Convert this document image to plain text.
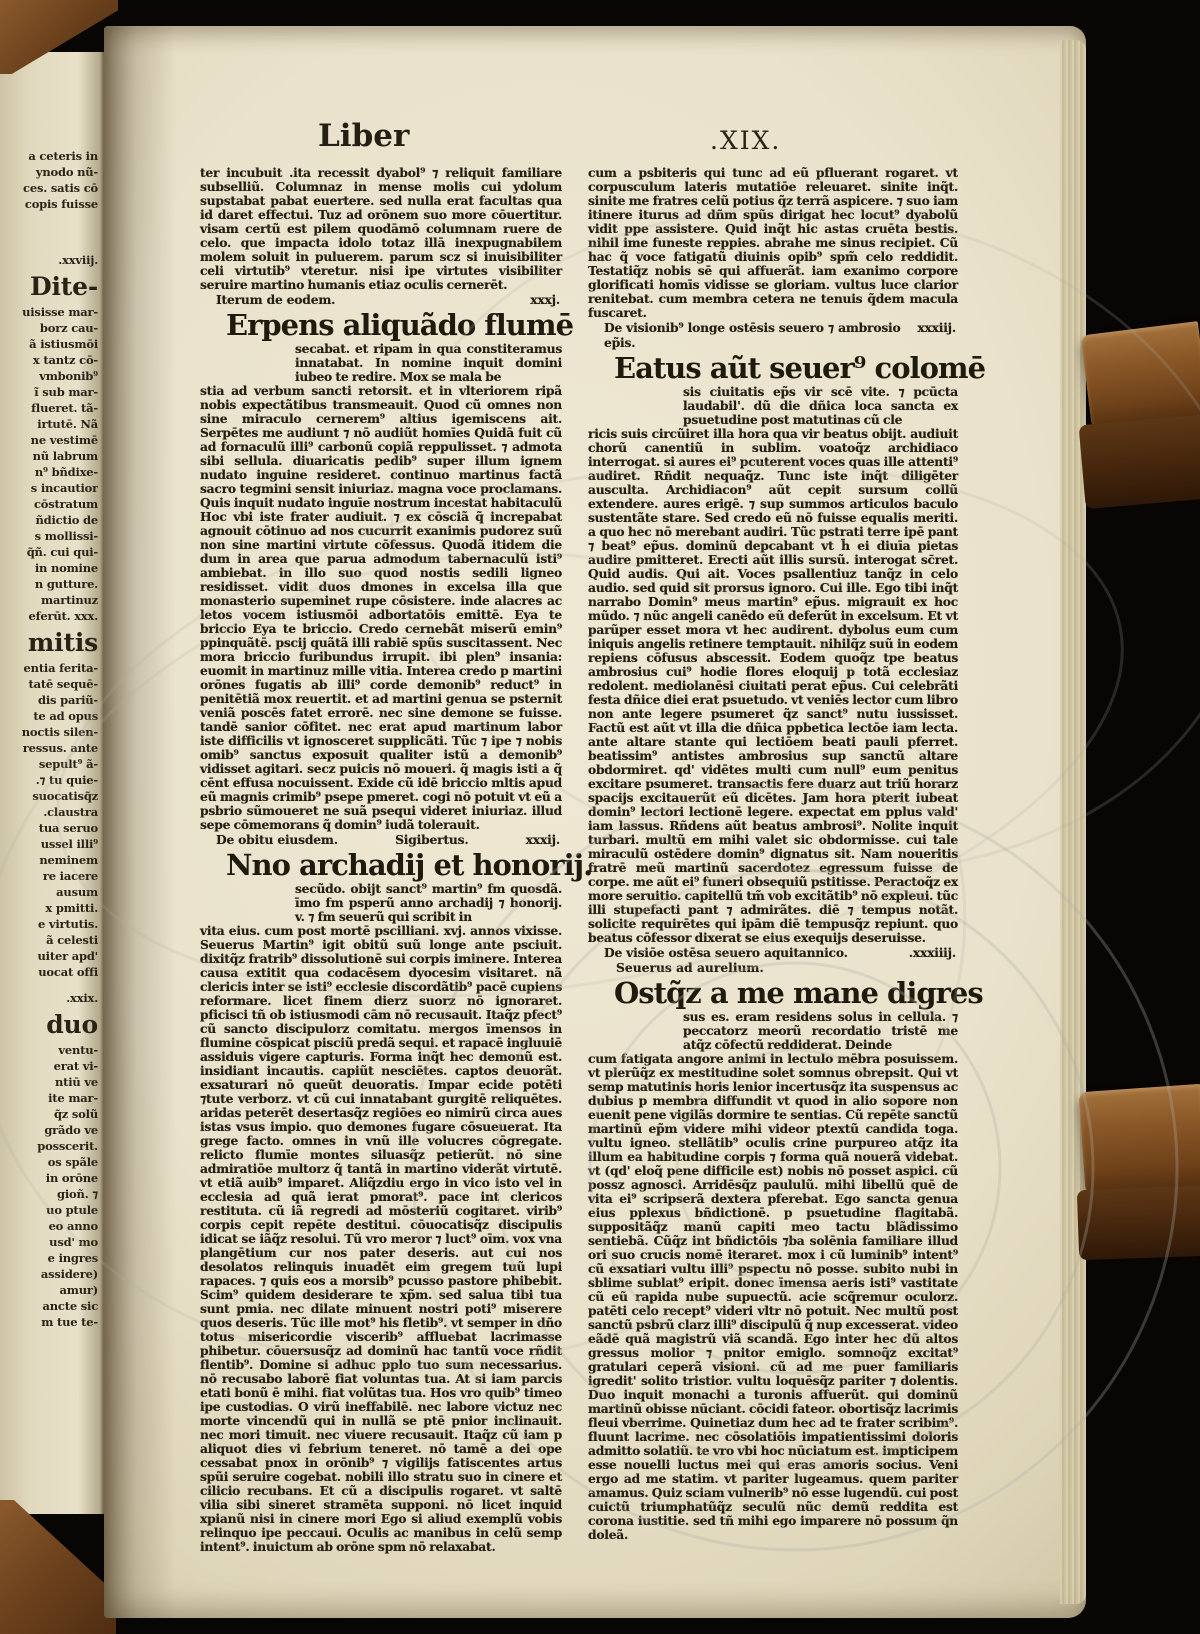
a ceteris in
ynodo nũ-
ces. satis cō
copis fuisse
.xxviij.
Dite-
uisisse mar-
borz cau-
ã istiusmōi
x tantz cō-
vmbonib⁹
ĩ sub mar-
flueret. tã-
irtutē. Nã
ne vestimē
nũ labrum
n⁹ bñdixe-
s incautior
cōstratum
ñdictio de
s mollissi-
q̃ñ. cui qui-
in nomine
n gutture.
martinuz
eferūt. xxx.
mitis
entia ferita-
tatē sequē-
dis pariũ-
te ad opus
noctis silen-
ressus. ante
sepult⁹ ã-
.⁊ tu quie-
suocatisq̃z
.claustra
tua seruo
ussel illi⁹
neminem
re iacere
ausum
x pmitti.
e virtutis.
ã celesti
uiter apd'
uocat offi
.xxix.
duo
ventu-
erat vi-
ntiū ve
ite mar-
q̃z solũ
grãdo ve
posscerit.
os spãle
in orōne
gioñ. ⁊
uo ptule
eo anno
usd' mo
e ingres
assidere)
amur)
ancte sic
m tue te-
Liber	.XIX.

ter incubuit .ita recessit dyabol⁹ ⁊ reliquit familiare subselliũ. Columnaz in mense molis cui ydolum supstabat pabat euertere. sed nulla erat facultas qua id daret effectui. Tuz ad orōnem suo more cōuertitur. visam certũ est pilem quodāmō columnam ruere de celo. que impacta idolo totaz illā inexpugnabilem molem soluit in puluerem. parum scz si inuisibiliter celi virtutib⁹ vteretur. nisi ipe virtutes visibiliter seruire martino humanis etiaz oculis cernerēt.

Iterum de eodem.	xxxj.
Erpens aliquãdo flumē

secabat. et ripam in qua constiteramus innatabat. In nomine inquit domini iubeo te redire. Mox se mala be

stia ad verbum sancti retorsit. et in vlteriorem ripã nobis expectãtibus transmeauit. Quod cũ omnes non sine miraculo cernerem⁹ altius igemiscens ait. Serpētes me audiunt ⁊ nō audiũt homīes Quidā fuit cũ ad fornaculũ illi⁹ carbonũ copiã reppulisset. ⁊ admota sibi sellula. diuaricatis pedib⁹ super illum ignem nudato inguine resideret. continuo martinus factã sacro tegmini sensit iniuriaz. magna voce proclamans. Quis inquit nudato inguīe nostrum incestat habitaculũ Hoc vbi iste frater audiuit. ⁊ ex cōsciã q̃ increpabat agnouit cōtinuo ad nos cucurrit exanimis pudorez suũ non sine martini virtute cōfessus. Quodã itidem die dum in area que parua admodum tabernaculũ isti⁹ ambiebat. in illo suo quod nostis sedili ligneo residisset. vidit duos dmones in excelsa illa que monasterio supeminet rupe cōsistere. inde alacres ac letos vocem istiusmōi adbortatōis emittē. Eya te briccio Eya te briccio. Credo cernebãt miserũ emin⁹ ppinquãtē. pscij quãtã illi rabiē spũs suscitassent. Nec mora briccio furibundus irrupit. ibi plen⁹ insania: euomit in martinuz mille vitia. Interea credo p martini orōnes fugatis ab illi⁹ corde demonib⁹ reduct⁹ in penitētiã mox reuertit. et ad martini genua se psternit veniã poscēs fatet errorē. nec sine demone se fuisse. tandē sanior cōfitet. nec erat apud martinum labor iste difficilis vt ignosceret supplicãti. Tũc ⁊ ipe ⁊ nobis omib⁹ sanctus exposuit qualiter istũ a demonib⁹ vidisset agitari. secz puicis nō moueri. q̃ magis isti a q̃ cēnt effusa nocuissent. Exide cũ idē briccio mltis apud eũ magnis crimib⁹ psepe pmeret. cogi nō potuit vt eũ a psbrio sũmoueret ne suã psequi videret iniuriaz. illud sepe cōmemorans q̃ domin⁹ iudã tolerauit.

De obitu eiusdem.	Sigibertus.	xxxij.
Nno archadij et honorij.

secũdo. obijt sanct⁹ martin⁹ fm quosdã. īmo fm psperũ anno archadij ⁊ honorij. v. ⁊ fm seuerũ qui scribit in

vita eius. cum post mortē pscilliani. xvj. annos vixisse. Seuerus Martin⁹ igit obitũ suũ longe ante psciuit. dixitq̃z fratrib⁹ dissolutionē sui corpis iminere. Interea causa extitit qua codacēsem dyocesim visitaret. nã clericis inter se isti⁹ ecclesie discordãtib⁹ pacē cupiens reformare. licet finem dierz suorz nō ignoraret. pficisci tñ ob istiusmodi cām nō recusauit. Itaq̃z pfect⁹ cũ sancto discipulorz comitatu. mergos īmensos in flumine cōspicat pisciũ predã sequi. et rapacē ingluuiē assiduis vigere capturis. Forma inq̃t hec demonũ est. insidiant incautis. capiũt nesciētes. captos deuorãt. exsaturari nō queũt deuoratis. Impar ecide potēti ⁊tute verborz. vt cũ cui innatabant gurgitē reliquētes. aridas peterēt desertasq̃z regiōes eo nimirũ circa aues istas vsus impio. quo demones fugare cōsueuerat. Ita grege facto. omnes in vnũ ille volucres cōgregate. relicto flumīe montes siluasq̃z petierũt. nō sine admiratiōe multorz q̃ tantã in martino viderãt virtutē. vt etiã auib⁹ imparet. Aliq̃zdiu ergo in vico isto vel in ecclesia ad quã ierat pmorat⁹. pace int clericos restituta. cũ iã regredi ad mōsteriũ cogitaret. virib⁹ corpis cepit repēte destitui. cōuocatisq̃z discipulis idicat se iãq̃z resolui. Tũ vro meror ⁊ luct⁹ oīm. vox vna plangētium cur nos pater deseris. aut cui nos desolatos relinquis inuadēt eim gregem tuũ lupi rapaces. ⁊ quis eos a morsib⁹ pcusso pastore phibebit. Scim⁹ quidem desiderare te xp̃m. sed salua tibi tua sunt pmia. nec dilate minuent nostri poti⁹ miserere quos deseris. Tũc ille mot⁹ his fletib⁹. vt semper in dño totus misericordie viscerib⁹ affluebat lacrimasse phibetur. cōuersusq̃z ad dominũ hac tantũ voce rñdit flentib⁹. Domine si adhuc pplo tuo sum necessarius. nō recusabo laborē fiat voluntas tua. At si iam parcis etati bonũ ē mihi. fiat volũtas tua. Hos vro quib⁹ timeo ipe custodias. O virũ ineffabilē. nec labore victuz nec morte vincendũ qui in nullã se ptē pnior inclinauit. nec mori timuit. nec viuere recusauit. Itaq̃z cũ iam p aliquot dies vi febrium teneret. nō tamē a dei ope cessabat pnox in orōnib⁹ ⁊ vigilijs fatiscentes artus spũi seruire cogebat. nobili illo stratu suo in cinere et cilicio recubans. Et cũ a discipulis rogaret. vt saltē vilia sibi sineret stramēta supponi. nō licet inquid xpianũ nisi in cinere mori Ego si aliud exemplũ vobis relinquo ipe peccaui. Oculis ac manibus in celũ semp intent⁹. inuictum ab orōne spm nō relaxabat.

cum a psbiteris qui tunc ad eũ pfluerant rogaret. vt corpusculum lateris mutatiōe releuaret. sinite inq̃t. sinite me fratres celũ potius q̃z terrã aspicere. ⁊ suo iam itinere iturus ad dñm spũs dirigat hec locut⁹ dyabolũ vidit ppe assistere. Quid inq̃t hic astas cruēta bestis. nihil ime funeste reppies. abrahe me sinus recipiet. Cũ hac q̃ voce fatigatũ diuinis opib⁹ spm̃ celo reddidit. Testatiq̃z nobis sē qui affuerãt. iam exanimo corpore glorificati homīs vidisse se gloriam. vultus luce clarior renitebat. cum membra cetera ne tenuis q̃dem macula fuscaret.

De visionib⁹ longe ostēsis seuero ⁊ ambrosio ep̃is.
xxxiij.
Eatus aũt seuer⁹ colomē

sis ciuitatis ep̃s vir scē vite. ⁊ pcūcta laudabil'. dũ die dñica loca sancta ex psuetudine post matutinas cũ cle

ricis suis circũiret illa hora qua vir beatus obijt. audiuit chorũ canentiũ in sublim. voatoq̃z archidiaco interrogat. si aures ei⁹ pcuterent voces quas ille attenti⁹ audiret. Rñdit nequaq̃z. Tunc iste inq̃t diligēter ausculta. Archidiacon⁹ aũt cepit sursum collũ extendere. aures erigē. ⁊ sup summos articulos baculo sustentãte stare. Sed credo eũ nō fuisse equalis meriti. a quo hec nō merebant audiri. Tũc pstrati terre ipē pant ⁊ beat⁹ ep̃us. dominũ depcabant vt h̄ ei diuīa pietas audire pmitteret. Erecti aũt illis sursũ. interogat sc̄ret. Quid audis. Qui ait. Voces psallentiuz tanq̃z in celo audio. sed quid sit prorsus ignoro. Cui ille. Ego tibi inq̃t narrabo Domin⁹ meus martin⁹ ep̃us. migrauit ex hoc mũdo. ⁊ nũc angeli canēdo eũ deferũt in excelsum. Et vt parũper esset mora vt hec audirent. dybolus eum cum iniquis angelis retinere temptauit. nihilq̃z suũ in eodem repiens cōfusus abscessit. Eodem quoq̃z tpe beatus ambrosius cui⁹ hodie flores eloquij p totã ecclesiaz redolent. mediolanēsi ciuitati perat ep̃us. Cui celebrãti festa dñice diei erat psuetudo. vt veniēs lector cum libro non ante legere psumeret q̃z sanct⁹ nutu iussisset. Factũ est aũt vt illa die dñica ppbetica lectōe iam lecta. ante altare stante qui lectiōem beati pauli pferret. beatissim⁹ antistes ambrosius sup sanctũ altare obdormiret. qd' vidētes multi cum null⁹ eum penitus excitare psumeret. transactis fere duarz aut triũ horarz spacijs excitauerũt eũ dicētes. Jam hora pterit iubeat domin⁹ lectori lectionē legere. expectat em pplus vald' iam lassus. Rñdens aũt beatus ambrosi⁹. Nolite inquit turbari. multũ em mihi valet sic obdormisse. cui tale miraculũ ostēdere domin⁹ dignatus sit. Nam noueritis fratrē meũ martinũ sacerdotez egressum fuisse de corpe. me aũt ei⁹ funeri obsequiũ pstitisse. Peractoq̃z ex more seruitio. capitellũ tm̃ vob excitãtib⁹ nō expleui. tũc illi stupefacti pant ⁊ admirãtes. diē ⁊ tempus notãt. solicite requirētes qui ipām diē tempusq̃z repiunt. quo beatus cōfessor dixerat se eius exequijs deseruisse.

De visiōe ostēsa seuero aquitannico.	.xxxiiij.
Seuerus ad aurelium.
Ostq̃z a me mane digres

sus es. eram residens solus in cellula. ⁊ peccatorz meorũ recordatio tristē me atq̃z cōfectũ reddiderat. Deinde

cum fatigata angore animi in lectulo mēbra posuissem. vt plerũq̃z ex mestitudine solet somnus obrepsit. Qui vt semp matutinis horis lenior incertusq̃z ita suspensus ac dubius p membra diffundit vt quod in alio sopore non euenit pene vigilãs dormire te sentias. Cũ repēte sanctũ martinũ ep̃m videre mihi videor ptextũ candida toga. vultu igneo. stellãtib⁹ oculis crine purpureo atq̃z ita illum ea habitudine corpis ⁊ forma quã nouerã videbat. vt (qd' eloq̃ pene difficile est) nobis nō posset aspici. cũ possz agnosci. Arridēsq̃z paululũ. mihi libellũ quē de vita ei⁹ scripserã dextera pferebat. Ego sancta genua eius pplexus bñdictionē. p psuetudine flagitabã. suppositãq̃z manũ capiti meo tactu blãdissimo sentiebã. Cũq̃z int bñdictōis ⁊ba solēnia familiare illud ori suo crucis nomē iteraret. mox i cũ luminib⁹ intent⁹ cũ exsatiari vultu illi⁹ pspectu nō posse. subito nubi in sblime sublat⁹ eripit. donec īmensa aeris isti⁹ vastitate cũ eũ rapida nube supuectũ. acie scq̃remur oculorz. patēti celo recept⁹ videri vltr nō potuit. Nec multũ post sanctũ psbrũ clarz illi⁹ discipulũ q̃ nup excesserat. video eãdē quã magistrũ viã scandã. Ego inter hec dũ altos gressus molior ⁊ pnitor emiglo. somnoq̃z excitat⁹ gratulari ceperã visioni. cũ ad me puer familiaris igredit' solito tristior. vultu loquēsq̃z pariter ⁊ dolentis. Duo inquit monachi a turonis affuerũt. qui dominũ martinũ obisse nūciant. cōcidi fateor. obortisq̃z lacrimis fleui vberrime. Quinetiaz dum hec ad te frater scribim⁹. fluunt lacrime. nec cōsolatiōis impatientissimi doloris admitto solatiũ. te vro vbi hoc nūciatum est. impticipem esse nouelli luctus mei qui eras amoris socius. Veni ergo ad me statim. vt pariter lugeamus. quem pariter amamus. Quiz sciam vulnerib⁹ nō esse lugendũ. cui post cuictũ triumphatũq̃z seculũ nũc demũ reddita est corona iustitie. sed tñ mihi ego imparere nō possum q̃n doleã.
